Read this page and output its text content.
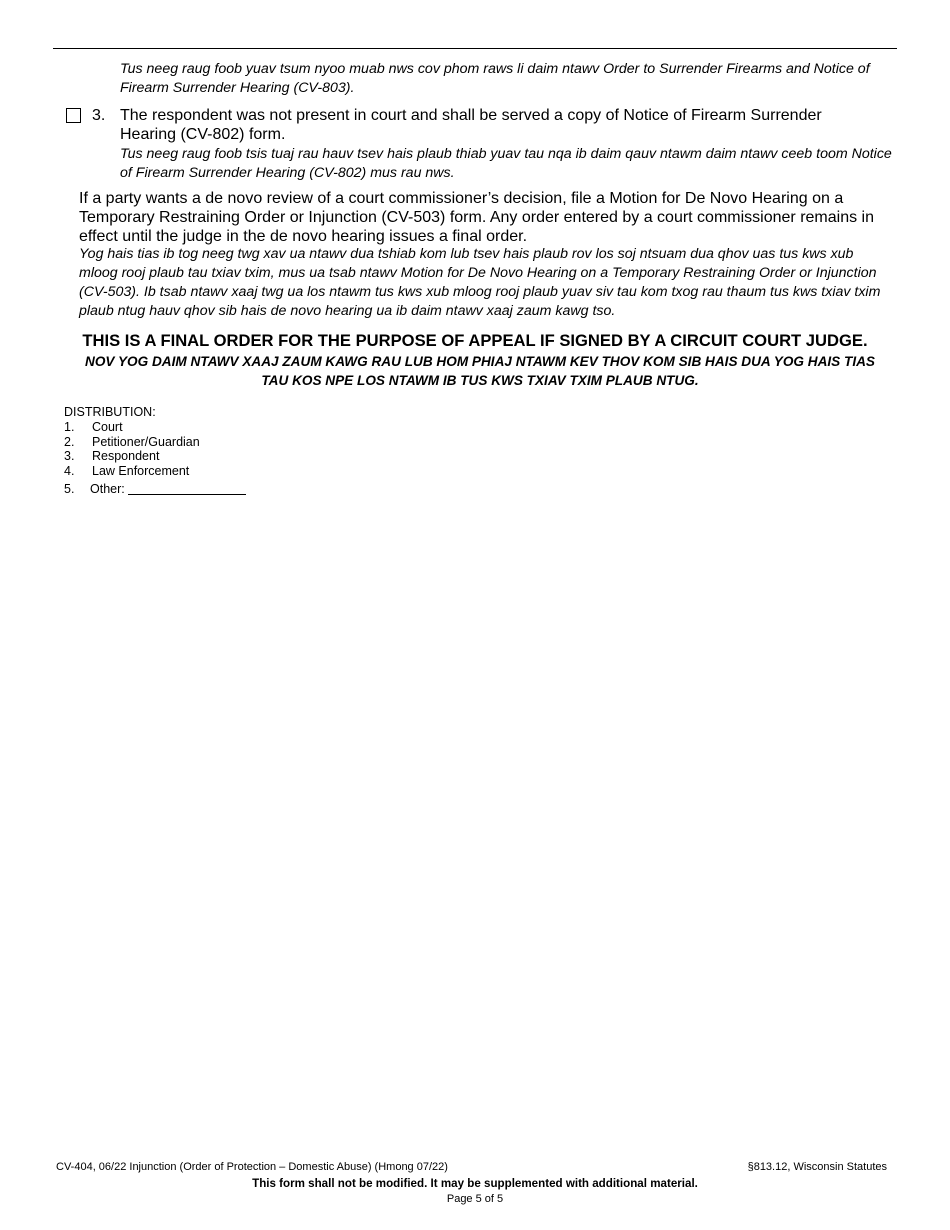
Tus neeg raug foob yuav tsum nyoo muab nws cov phom raws li daim ntawv Order to Surrender Firearms and Notice of Firearm Surrender Hearing (CV-803).
3. The respondent was not present in court and shall be served a copy of Notice of Firearm Surrender Hearing (CV-802) form.
Tus neeg raug foob tsis tuaj rau hauv tsev hais plaub thiab yuav tau nqa ib daim qauv ntawm daim ntawv ceeb toom Notice of Firearm Surrender Hearing (CV-802) mus rau nws.
If a party wants a de novo review of a court commissioner’s decision, file a Motion for De Novo Hearing on a Temporary Restraining Order or Injunction (CV-503) form. Any order entered by a court commissioner remains in effect until the judge in the de novo hearing issues a final order.
Yog hais tias ib tog neeg twg xav ua ntawv dua tshiab kom lub tsev hais plaub rov los soj ntsuam dua qhov uas tus kws xub mloog rooj plaub tau txiav txim, mus ua tsab ntawv Motion for De Novo Hearing on a Temporary Restraining Order or Injunction (CV-503). Ib tsab ntawv xaaj twg ua los ntawm tus kws xub mloog rooj plaub yuav siv tau kom txog rau thaum tus kws txiav txim plaub ntug hauv qhov sib hais de novo hearing ua ib daim ntawv xaaj zaum kawg tso.
THIS IS A FINAL ORDER FOR THE PURPOSE OF APPEAL IF SIGNED BY A CIRCUIT COURT JUDGE.
NOV YOG DAIM NTAWV XAAJ ZAUM KAWG RAU LUB HOM PHIAJ NTAWM KEV THOV KOM SIB HAIS DUA YOG HAIS TIAS TAU KOS NPE LOS NTAWM IB TUS KWS TXIAV TXIM PLAUB NTUG.
DISTRIBUTION:
1. Court
2. Petitioner/Guardian
3. Respondent
4. Law Enforcement
5. Other:
CV-404, 06/22 Injunction (Order of Protection – Domestic Abuse) (Hmong 07/22)	§813.12, Wisconsin Statutes
This form shall not be modified. It may be supplemented with additional material.
Page 5 of 5
